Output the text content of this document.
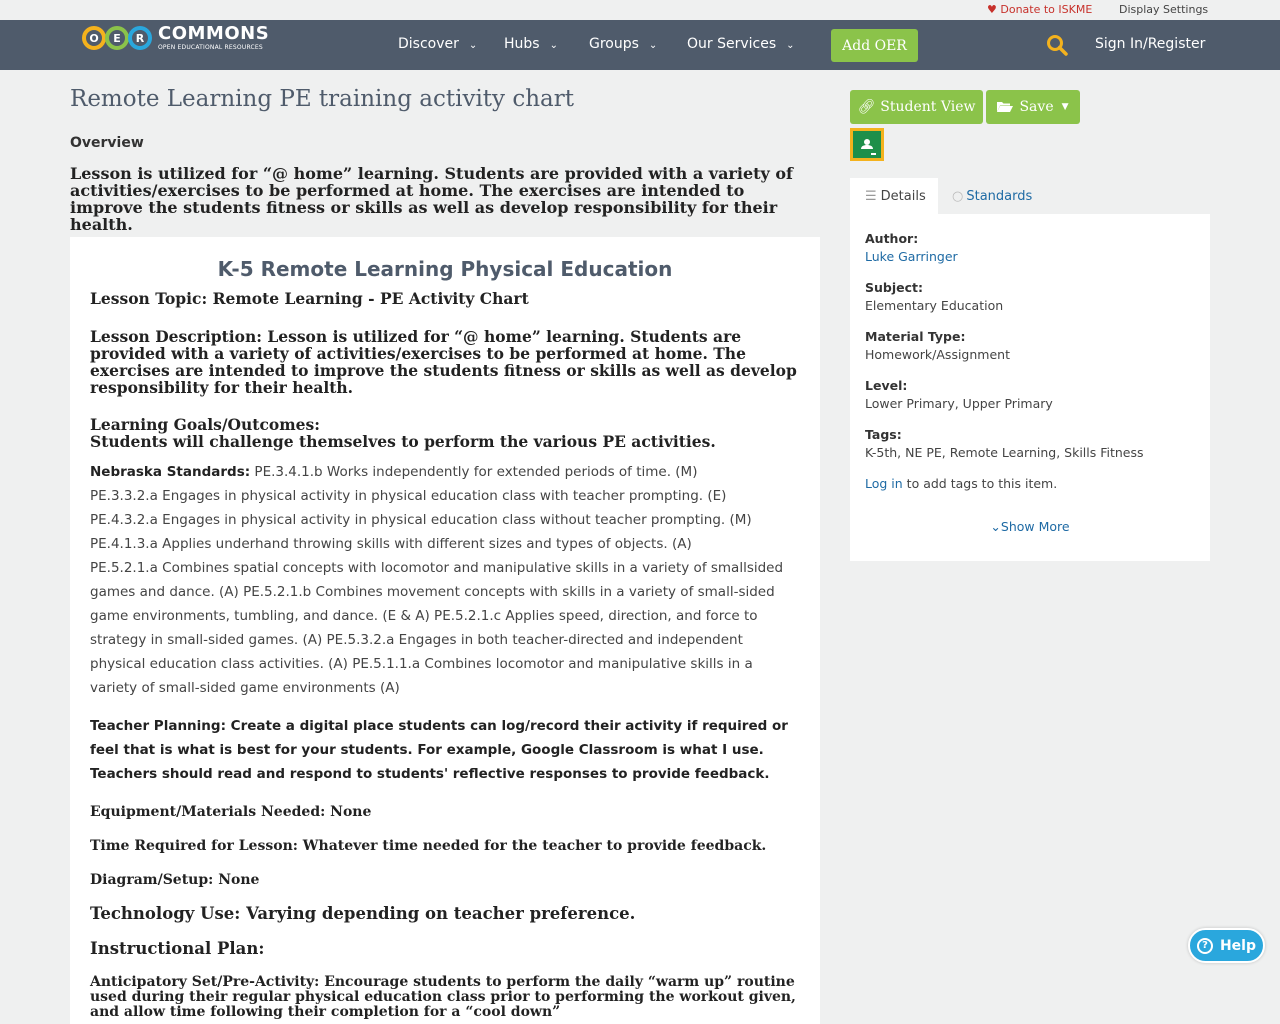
♥ Donate to ISKME Display Settings
O	E	R COMMONS
OPEN EDUCATIONAL RESOURCES	Discover ⌄ Hubs ⌄ Groups ⌄ Our Services ⌄	Add OER	Sign In/Register
Remote Learning PE training activity chart
Overview
Lesson is utilized for “@ home” learning. Students are provided with a variety of activities/exercises to be performed at home. The exercises are intended to improve the students fitness or skills as well as develop responsibility for their health.
K-5 Remote Learning Physical Education
Lesson Topic: Remote Learning - PE Activity Chart
Lesson Description: Lesson is utilized for “@ home” learning. Students are provided with a variety of activities/exercises to be performed at home. The exercises are intended to improve the students fitness or skills as well as develop responsibility for their health.
Learning Goals/Outcomes:
Students will challenge themselves to perform the various PE activities.
Nebraska Standards: PE.3.4.1.b Works independently for extended periods of time. (M)
PE.3.3.2.a Engages in physical activity in physical education class with teacher prompting. (E)
PE.4.3.2.a Engages in physical activity in physical education class without teacher prompting. (M)
PE.4.1.3.a Applies underhand throwing skills with different sizes and types of objects. (A)
PE.5.2.1.a Combines spatial concepts with locomotor and manipulative skills in a variety of smallsided games and dance. (A) PE.5.2.1.b Combines movement concepts with skills in a variety of small-sided game environments, tumbling, and dance. (E & A) PE.5.2.1.c Applies speed, direction, and force to strategy in small-sided games. (A) PE.5.3.2.a Engages in both teacher-directed and independent physical education class activities. (A) PE.5.1.1.a Combines locomotor and manipulative skills in a variety of small-sided game environments (A)
Teacher Planning: Create a digital place students can log/record their activity if required or feel that is what is best for your students. For example, Google Classroom is what I use. Teachers should read and respond to students' reflective responses to provide feedback.
Equipment/Materials Needed: None
Time Required for Lesson: Whatever time needed for the teacher to provide feedback.
Diagram/Setup: None
Technology Use: Varying depending on teacher preference.
Instructional Plan:
Anticipatory Set/Pre-Activity: Encourage students to perform the daily “warm up” routine used during their regular physical education class prior to performing the workout given, and allow time following their completion for a “cool down”
🔗︎ Student View	Save ▼
☰ Details ○ Standards
Author:
Luke Garringer
Subject:
Elementary Education
Material Type:
Homework/Assignment
Level:
Lower Primary, Upper Primary
Tags:
K-5th, NE PE, Remote Learning, Skills Fitness
Log in to add tags to this item.
⌄Show More
? Help
